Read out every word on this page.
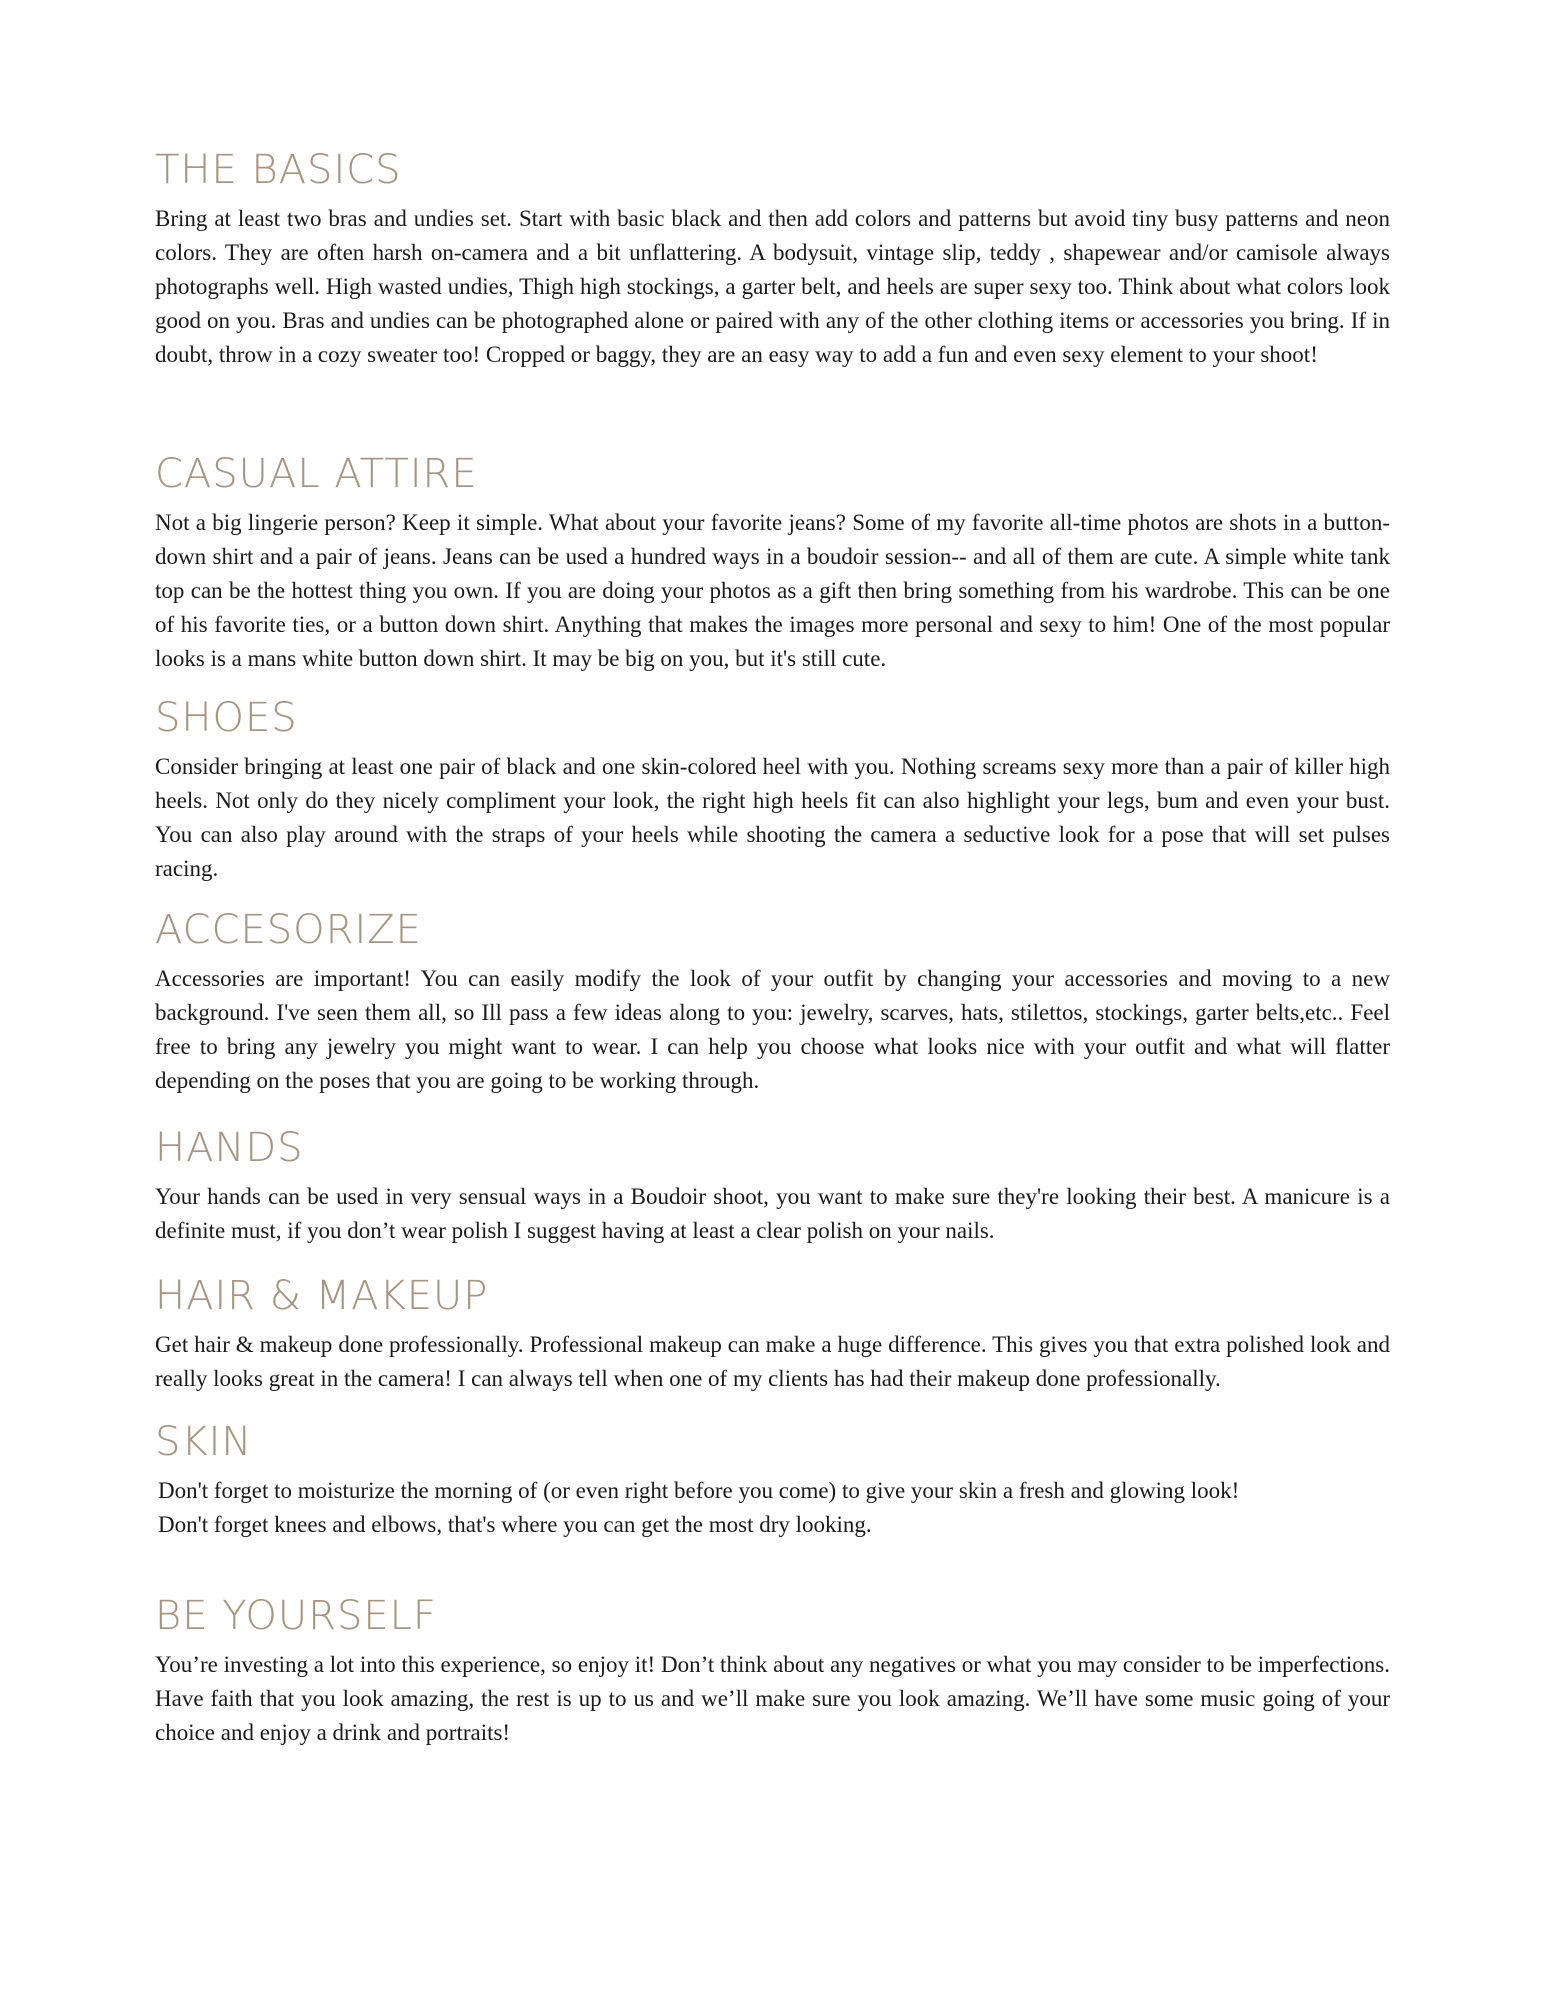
THE BASICS

Bring at least two bras and undies set. Start with basic black and then add colors and patterns but avoid tiny busy patterns and neon colors. They are often harsh on-camera and a bit unflattering. A bodysuit, vintage slip, teddy , shapewear and/or camisole always photographs well. High wasted undies, Thigh high stockings, a garter belt, and heels are super sexy too. Think about what colors look good on you. Bras and undies can be photographed alone or paired with any of the other clothing items or accessories you bring. If in doubt, throw in a cozy sweater too! Cropped or baggy, they are an easy way to add a fun and even sexy element to your shoot!

CASUAL ATTIRE

Not a big lingerie person? Keep it simple. What about your favorite jeans? Some of my favorite all-time photos are shots in a button-down shirt and a pair of jeans. Jeans can be used a hundred ways in a boudoir session-- and all of them are cute. A simple white tank top can be the hottest thing you own. If you are doing your photos as a gift then bring something from his wardrobe. This can be one of his favorite ties, or a button down shirt. Anything that makes the images more personal and sexy to him! One of the most popular looks is a mans white button down shirt. It may be big on you, but it's still cute.

SHOES

Consider bringing at least one pair of black and one skin-colored heel with you. Nothing screams sexy more than a pair of killer high heels. Not only do they nicely compliment your look, the right high heels fit can also highlight your legs, bum and even your bust. You can also play around with the straps of your heels while shooting the camera a seductive look for a pose that will set pulses racing.

ACCESORIZE

Accessories are important! You can easily modify the look of your outfit by changing your accessories and moving to a new background. I've seen them all, so Ill pass a few ideas along to you: jewelry, scarves, hats, stilettos, stockings, garter belts,etc.. Feel free to bring any jewelry you might want to wear. I can help you choose what looks nice with your outfit and what will flatter depending on the poses that you are going to be working through.

HANDS

Your hands can be used in very sensual ways in a Boudoir shoot, you want to make sure they're looking their best. A manicure is a definite must, if you don’t wear polish I suggest having at least a clear polish on your nails.

HAIR & MAKEUP

Get hair & makeup done professionally. Professional makeup can make a huge difference. This gives you that extra polished look and really looks great in the camera! I can always tell when one of my clients has had their makeup done professionally.

SKIN

Don't forget to moisturize the morning of (or even right before you come) to give your skin a fresh and glowing look!
Don't forget knees and elbows, that's where you can get the most dry looking.

BE YOURSELF

You’re investing a lot into this experience, so enjoy it! Don’t think about any negatives or what you may consider to be imperfections. Have faith that you look amazing, the rest is up to us and we’ll make sure you look amazing. We’ll have some music going of your choice and enjoy a drink and portraits!
